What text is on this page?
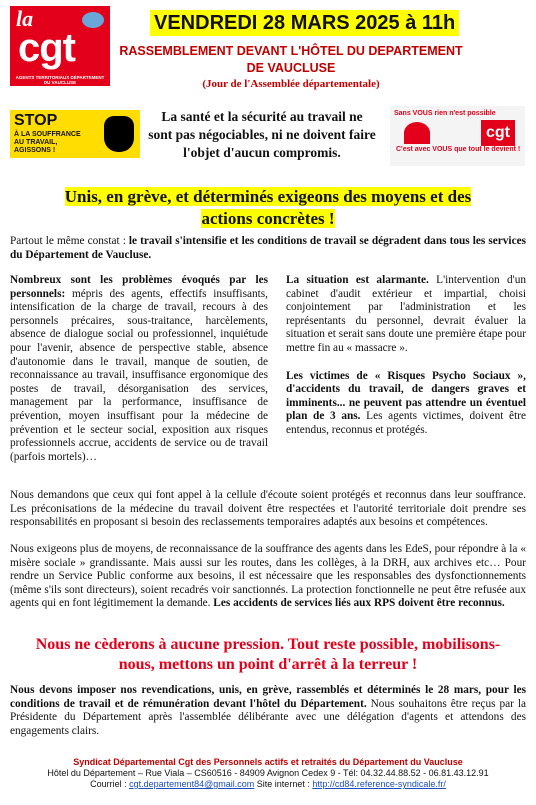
la
cgt
AGENTS TERRITORIAUX DÉPARTEMENT DU VAUCLUSE
VENDREDI 28 MARS 2025 à 11h
RASSEMBLEMENT DEVANT L'HÔTEL DU DEPARTEMENT
DE VAUCLUSE
(Jour de l'Assemblée départementale)
STOP
À LA SOUFFRANCE
AU TRAVAIL,
AGISSONS !
La santé et la sécurité au travail ne sont pas négociables, ni ne doivent faire l'objet d'aucun compromis.
Sans VOUS rien n'est possible
cgt
C'est avec VOUS que tout le devient !
Unis, en grève, et déterminés exigeons des moyens et des actions concrètes !

Partout le même constat : le travail s'intensifie et les conditions de travail se dégradent dans tous les services du Département de Vaucluse.

Nombreux sont les problèmes évoqués par les personnels: mépris des agents, effectifs insuffisants, intensification de la charge de travail, recours à des personnels précaires, sous-traitance, harcèlements, absence de dialogue social ou professionnel, inquiétude pour l'avenir, absence de perspective stable, absence d'autonomie dans le travail, manque de soutien, de reconnaissance au travail, insuffisance ergonomique des postes de travail, désorganisation des services, management par la performance, insuffisance de prévention, moyen insuffisant pour la médecine de prévention et le secteur social, exposition aux risques professionnels accrue, accidents de service ou de travail (parfois mortels)…

La situation est alarmante. L'intervention d'un cabinet d'audit extérieur et impartial, choisi conjointement par l'administration et les représentants du personnel, devrait évaluer la situation et serait sans doute une première étape pour mettre fin au « massacre ».

Les victimes de « Risques Psycho Sociaux », d'accidents du travail, de dangers graves et imminents... ne peuvent pas attendre un éventuel plan de 3 ans. Les agents victimes, doivent être entendus, reconnus et protégés.

Nous demandons que ceux qui font appel à la cellule d'écoute soient protégés et reconnus dans leur souffrance. Les préconisations de la médecine du travail doivent être respectées et l'autorité territoriale doit prendre ses responsabilités en proposant si besoin des reclassements temporaires adaptés aux besoins et compétences.

Nous exigeons plus de moyens, de reconnaissance de la souffrance des agents dans les EdeS, pour répondre à la « misère sociale » grandissante. Mais aussi sur les routes, dans les collèges, à la DRH, aux archives etc… Pour rendre un Service Public conforme aux besoins, il est nécessaire que les responsables des dysfonctionnements (même s'ils sont directeurs), soient recadrés voir sanctionnés. La protection fonctionnelle ne peut être refusée aux agents qui en font légitimement la demande. Les accidents de services liés aux RPS doivent être reconnus.

Nous ne cèderons à aucune pression. Tout reste possible, mobilisons-nous, mettons un point d'arrêt à la terreur !

Nous devons imposer nos revendications, unis, en grève, rassemblés et déterminés le 28 mars, pour les conditions de travail et de rémunération devant l'hôtel du Département. Nous souhaitons être reçus par la Présidente du Département après l'assemblée délibérante avec une délégation d'agents et attendons des engagements clairs.

Syndicat Départemental Cgt des Personnels actifs et retraités du Département du Vaucluse
Hôtel du Département – Rue Viala – CS60516 - 84909 Avignon Cedex 9 - Tél: 04.32.44.88.52 - 06.81.43.12.91
Courriel : cgt.departement84@gmail.com Site internet : http://cd84.reference-syndicale.fr/
